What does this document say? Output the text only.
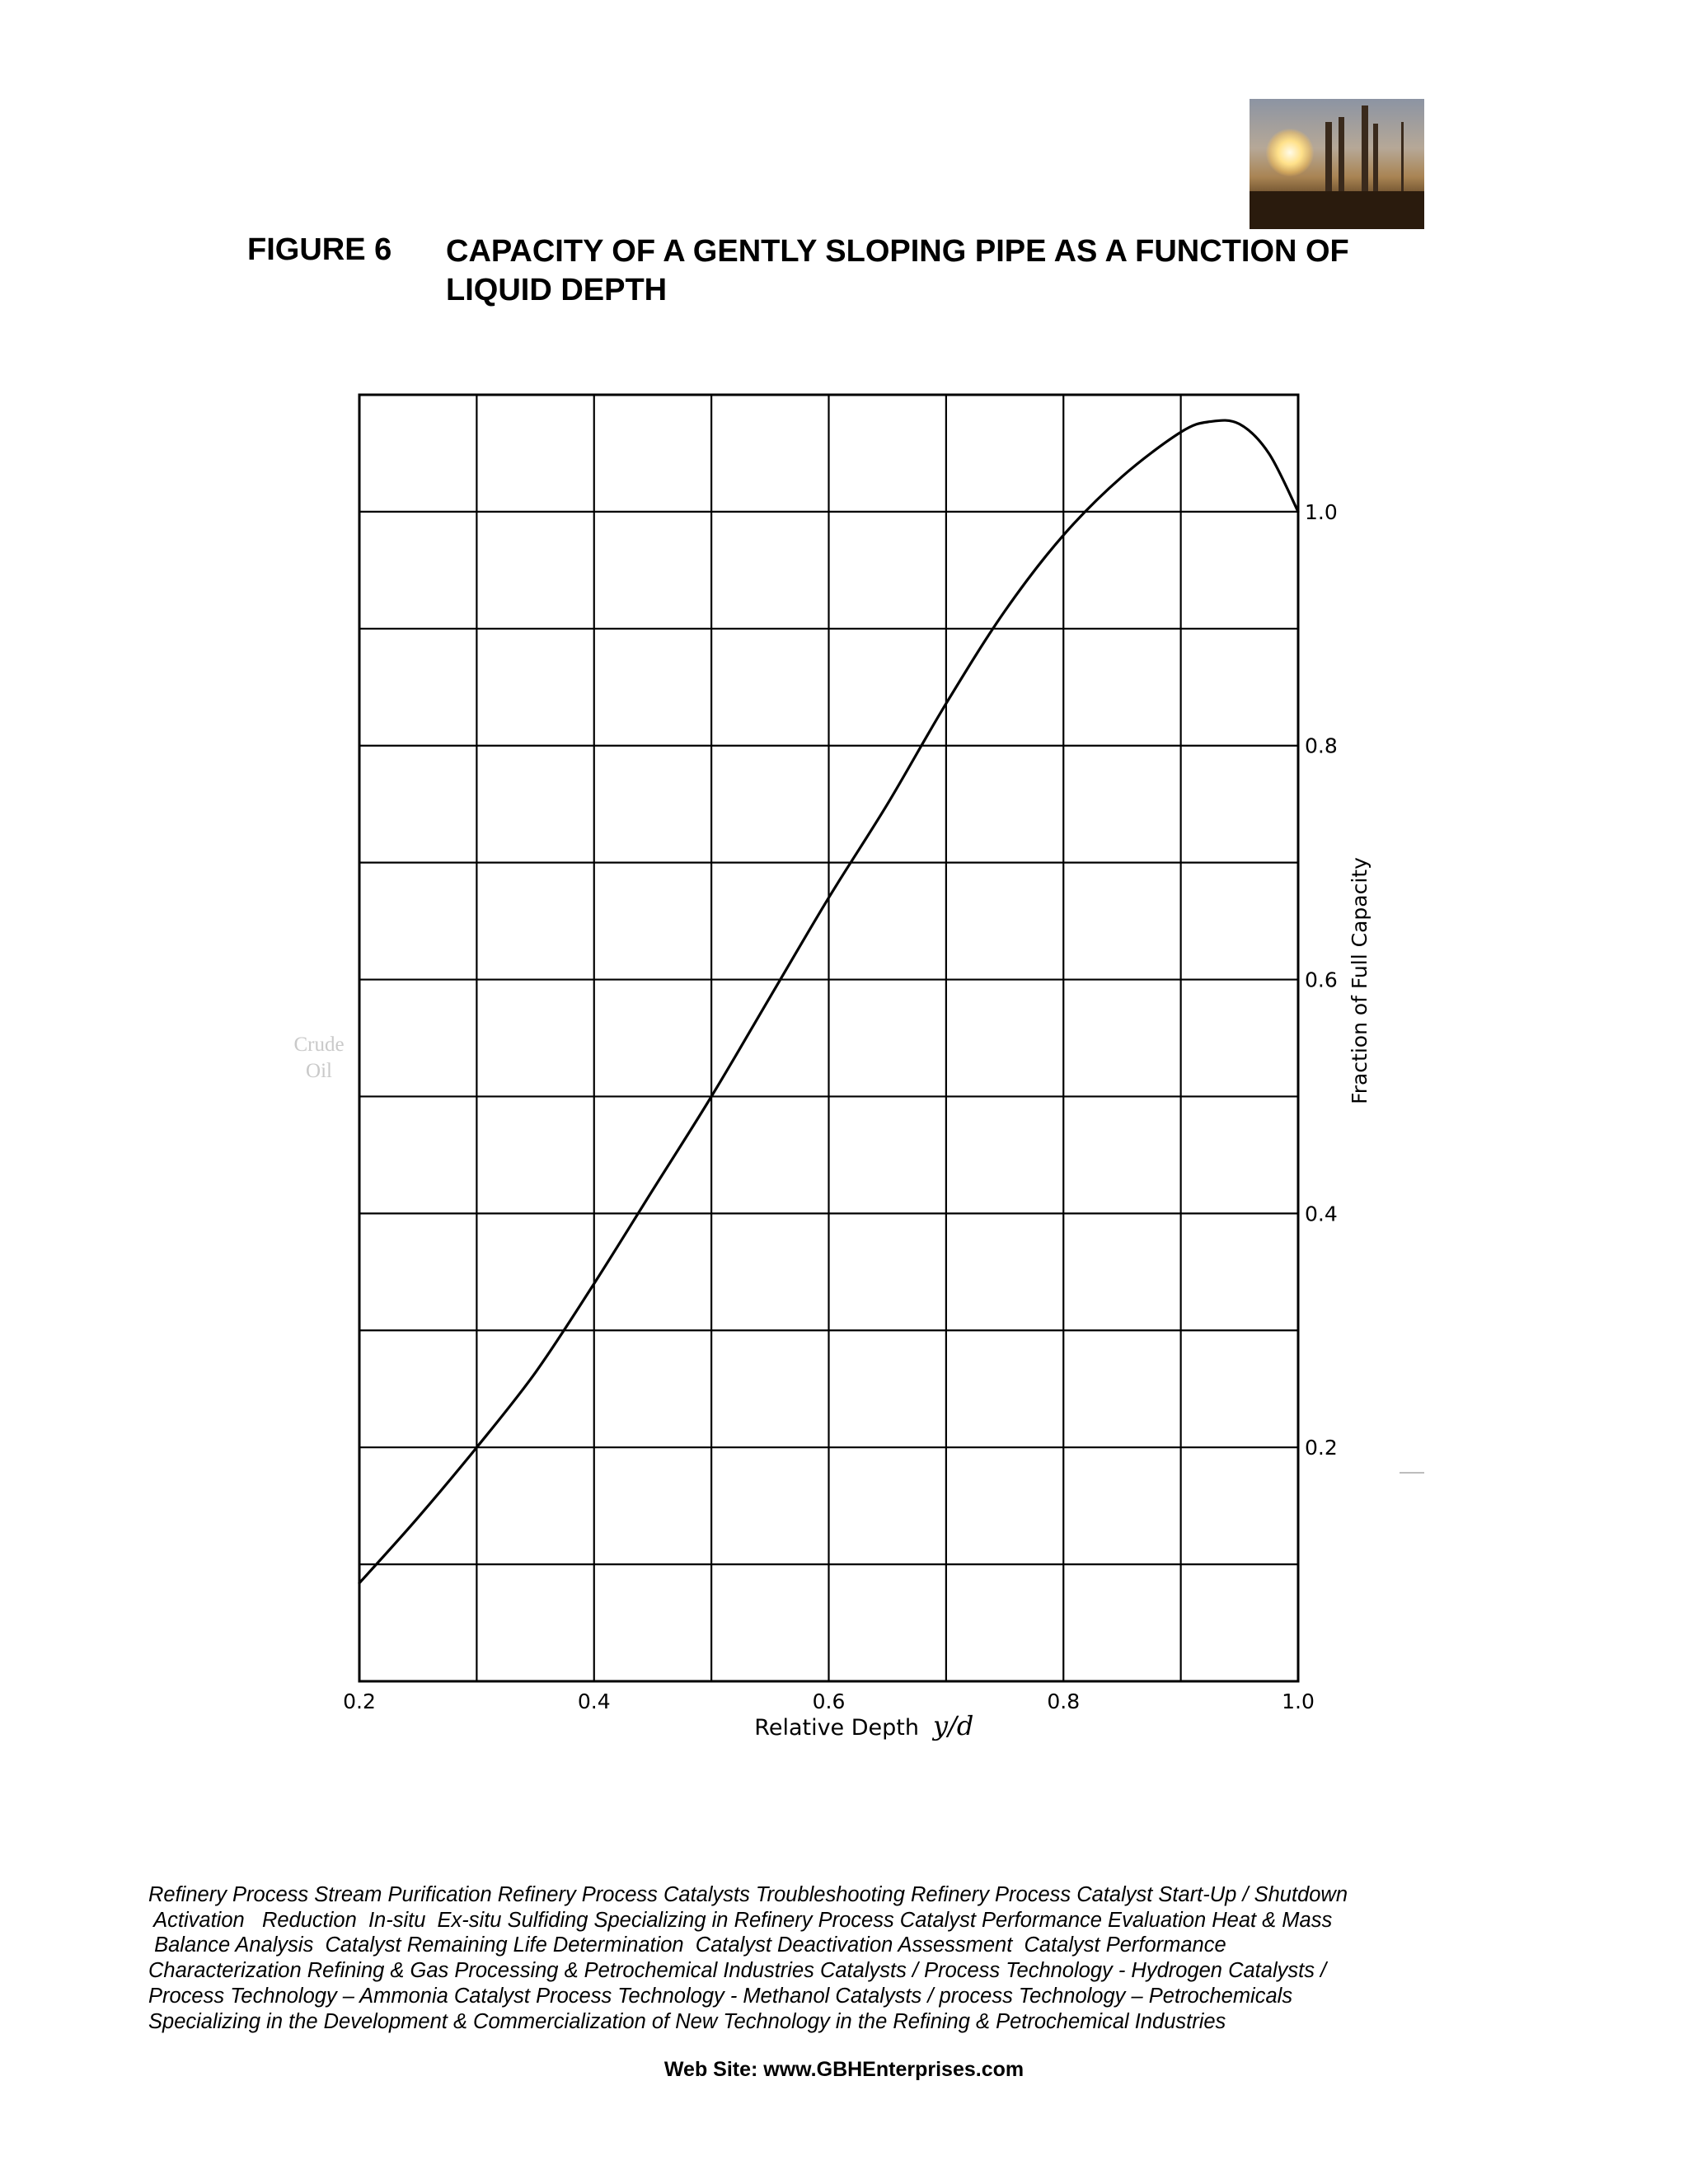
FIGURE 6 CAPACITY OF A GENTLY SLOPING PIPE AS A FUNCTION OF LIQUID DEPTH
Crude Oil
0.2	0.4	0.6	0.8	1.0
0.2
0.4
0.6
0.8
1.0
Relative Depth y/d
Fraction of Full Capacity
Refinery Process Stream Purification Refinery Process Catalysts Troubleshooting Refinery Process Catalyst Start-Up / Shutdown
Activation   Reduction  In-situ  Ex-situ Sulfiding Specializing in Refinery Process Catalyst Performance Evaluation Heat & Mass
Balance Analysis  Catalyst Remaining Life Determination  Catalyst Deactivation Assessment  Catalyst Performance
Characterization Refining & Gas Processing & Petrochemical Industries Catalysts / Process Technology - Hydrogen Catalysts /
Process Technology – Ammonia Catalyst Process Technology - Methanol Catalysts / process Technology – Petrochemicals
Specializing in the Development & Commercialization of New Technology in the Refining & Petrochemical Industries
Web Site: www.GBHEnterprises.com
